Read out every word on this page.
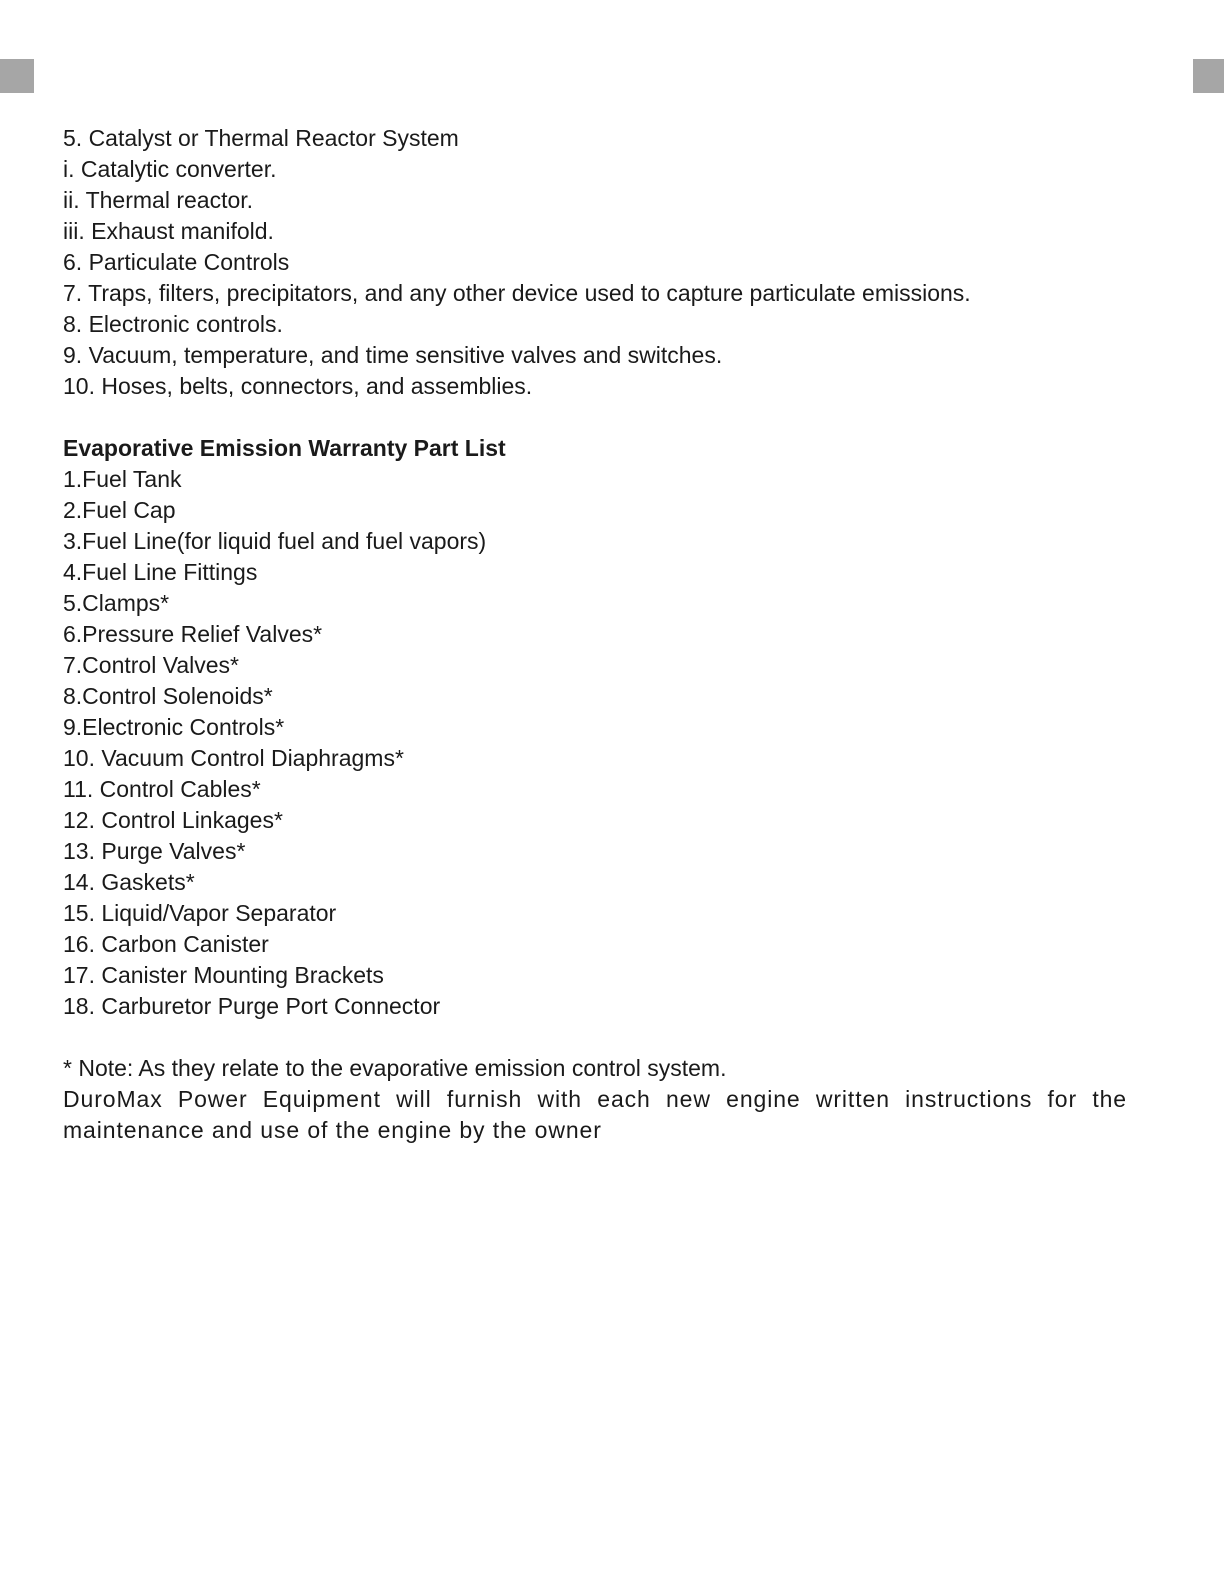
5. Catalyst or Thermal Reactor System
i. Catalytic converter.
ii. Thermal reactor.
iii. Exhaust manifold.
6. Particulate Controls
7. Traps, filters, precipitators, and any other device used to capture particulate emissions.
8. Electronic controls.
9. Vacuum, temperature, and time sensitive valves and switches.
10. Hoses, belts, connectors, and assemblies.
Evaporative Emission Warranty Part List
1.Fuel Tank
2.Fuel Cap
3.Fuel Line(for liquid fuel and fuel vapors)
4.Fuel Line Fittings
5.Clamps*
6.Pressure Relief Valves*
7.Control Valves*
8.Control Solenoids*
9.Electronic Controls*
10. Vacuum Control Diaphragms*
11. Control Cables*
12. Control Linkages*
13. Purge Valves*
14. Gaskets*
15. Liquid/Vapor Separator
16. Carbon Canister
17. Canister Mounting Brackets
18. Carburetor Purge Port Connector
* Note: As they relate to the evaporative emission control system.
DuroMax Power Equipment will furnish with each new engine written instructions for the maintenance and use of the engine by the owner
